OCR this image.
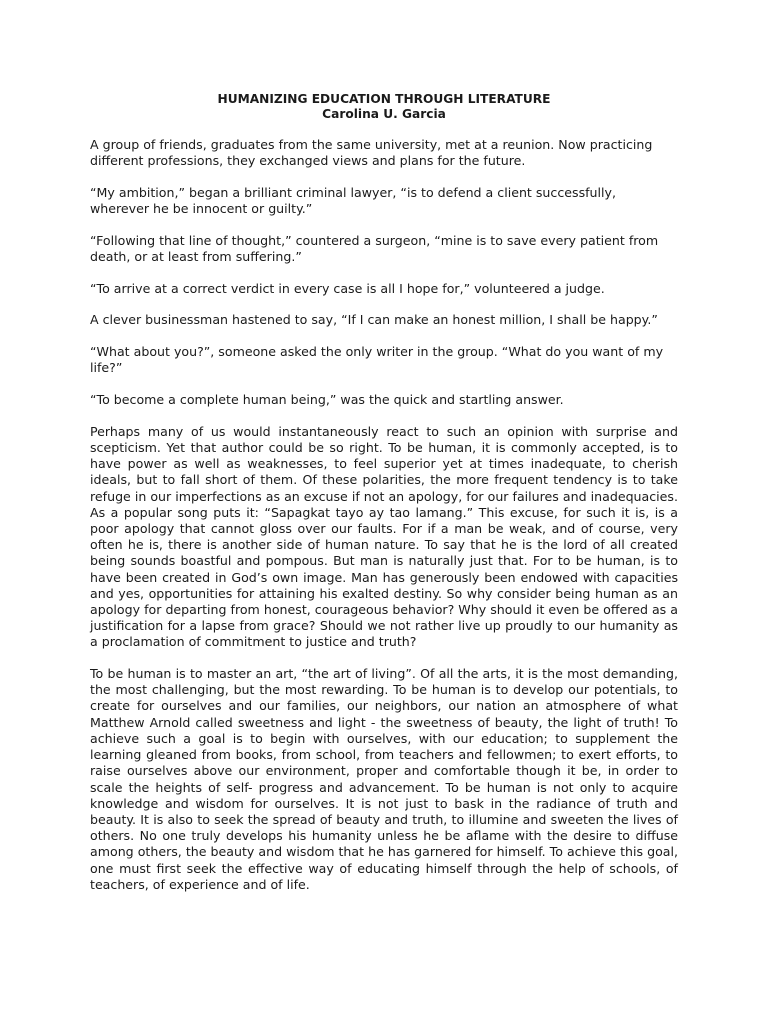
HUMANIZING EDUCATION THROUGH LITERATURE
Carolina U. Garcia

A group of friends, graduates from the same university, met at a reunion. Now practicing different professions, they exchanged views and plans for the future.

“My ambition,” began a brilliant criminal lawyer, “is to defend a client successfully, wherever he be innocent or guilty.”

“Following that line of thought,” countered a surgeon, “mine is to save every patient from death, or at least from suffering.”

“To arrive at a correct verdict in every case is all I hope for,” volunteered a judge.

A clever businessman hastened to say, “If I can make an honest million, I shall be happy.”

“What about you?”, someone asked the only writer in the group. “What do you want of my life?”

“To become a complete human being,” was the quick and startling answer.

Perhaps many of us would instantaneously react to such an opinion with surprise and scepticism. Yet that author could be so right. To be human, it is commonly accepted, is to have power as well as weaknesses, to feel superior yet at times inadequate, to cherish ideals, but to fall short of them. Of these polarities, the more frequent tendency is to take refuge in our imperfections as an excuse if not an apology, for our failures and inadequacies. As a popular song puts it: “Sapagkat tayo ay tao lamang.” This excuse, for such it is, is a poor apology that cannot gloss over our faults. For if a man be weak, and of course, very often he is, there is another side of human nature. To say that he is the lord of all created being sounds boastful and pompous. But man is naturally just that. For to be human, is to have been created in God’s own image. Man has generously been endowed with capacities and yes, opportunities for attaining his exalted destiny. So why consider being human as an apology for departing from honest, courageous behavior? Why should it even be offered as a justification for a lapse from grace? Should we not rather live up proudly to our humanity as a proclamation of commitment to justice and truth?

To be human is to master an art, “the art of living”. Of all the arts, it is the most demanding, the most challenging, but the most rewarding. To be human is to develop our potentials, to create for ourselves and our families, our neighbors, our nation an atmosphere of what Matthew Arnold called sweetness and light - the sweetness of beauty, the light of truth! To achieve such a goal is to begin with ourselves, with our education; to supplement the learning gleaned from books, from school, from teachers and fellowmen; to exert efforts, to raise ourselves above our environment, proper and comfortable though it be, in order to scale the heights of self- progress and advancement. To be human is not only to acquire knowledge and wisdom for ourselves. It is not just to bask in the radiance of truth and beauty. It is also to seek the spread of beauty and truth, to illumine and sweeten the lives of others. No one truly develops his humanity unless he be aflame with the desire to diffuse among others, the beauty and wisdom that he has garnered for himself. To achieve this goal, one must first seek the effective way of educating himself through the help of schools, of teachers, of experience and of life.
